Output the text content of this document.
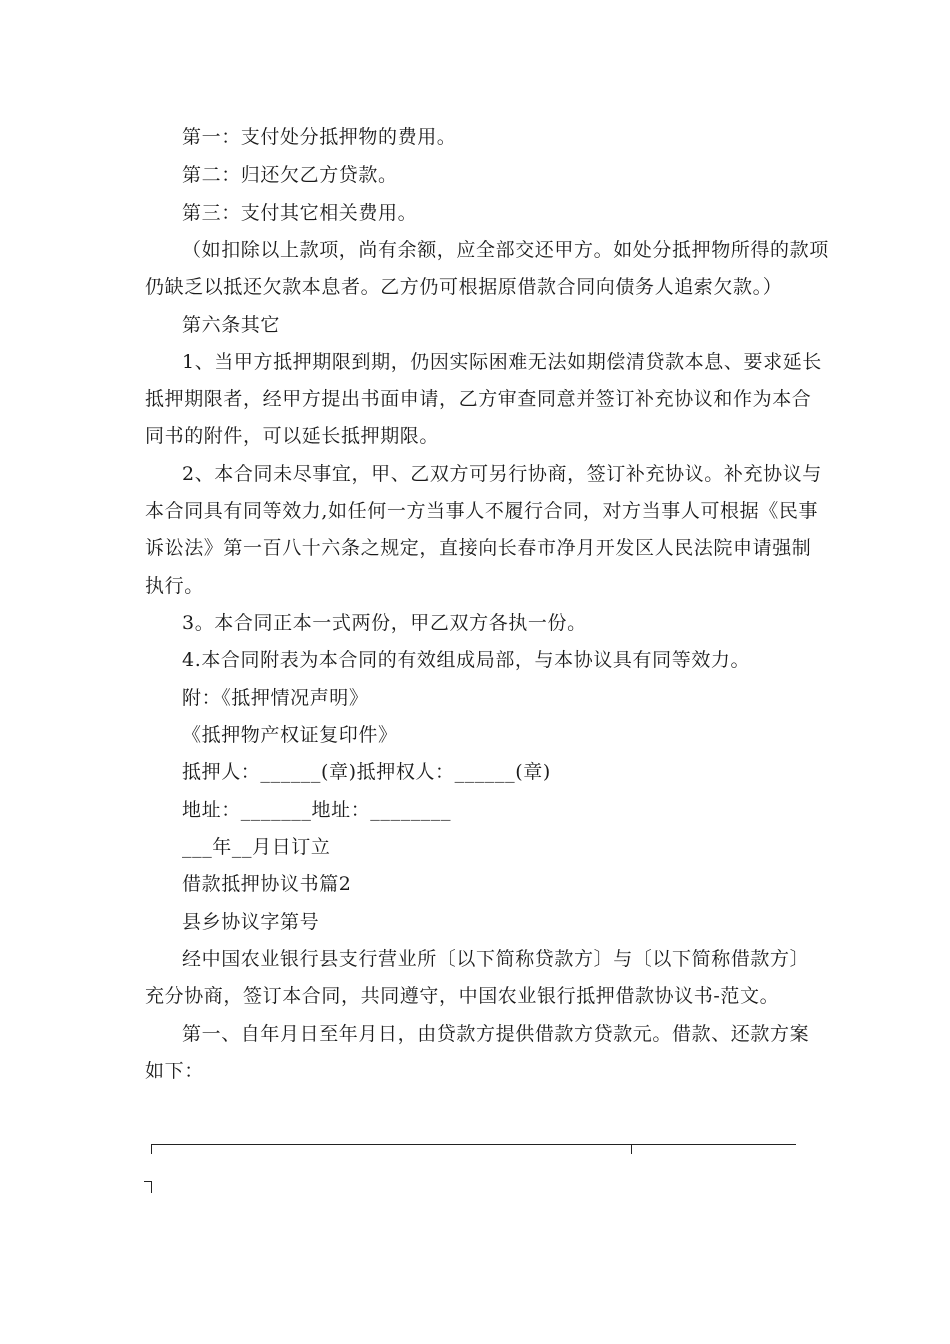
第一：支付处分抵押物的费用。
第二：归还欠乙方贷款。
第三：支付其它相关费用。
（如扣除以上款项，尚有余额，应全部交还甲方。如处分抵押物所得的款项
仍缺乏以抵还欠款本息者。乙方仍可根据原借款合同向债务人追索欠款。）
第六条其它
1、当甲方抵押期限到期，仍因实际困难无法如期偿清贷款本息、要求延长
抵押期限者，经甲方提出书面申请，乙方审查同意并签订补充协议和作为本合
同书的附件，可以延长抵押期限。
2、本合同未尽事宜，甲、乙双方可另行协商，签订补充协议。补充协议与
本合同具有同等效力,如任何一方当事人不履行合同，对方当事人可根据《民事
诉讼法》第一百八十六条之规定，直接向长春市净月开发区人民法院申请强制
执行。
3。本合同正本一式两份，甲乙双方各执一份。
4.本合同附表为本合同的有效组成局部，与本协议具有同等效力。
附：《抵押情况声明》
《抵押物产权证复印件》
抵押人：______(章)抵押权人：______(章)
地址：_______地址：________
___年__月日订立
借款抵押协议书篇2
县乡协议字第号
经中国农业银行县支行营业所〔以下简称贷款方〕与〔以下简称借款方〕
充分协商，签订本合同，共同遵守，中国农业银行抵押借款协议书-范文。
第一、自年月日至年月日，由贷款方提供借款方贷款元。借款、还款方案
如下：
